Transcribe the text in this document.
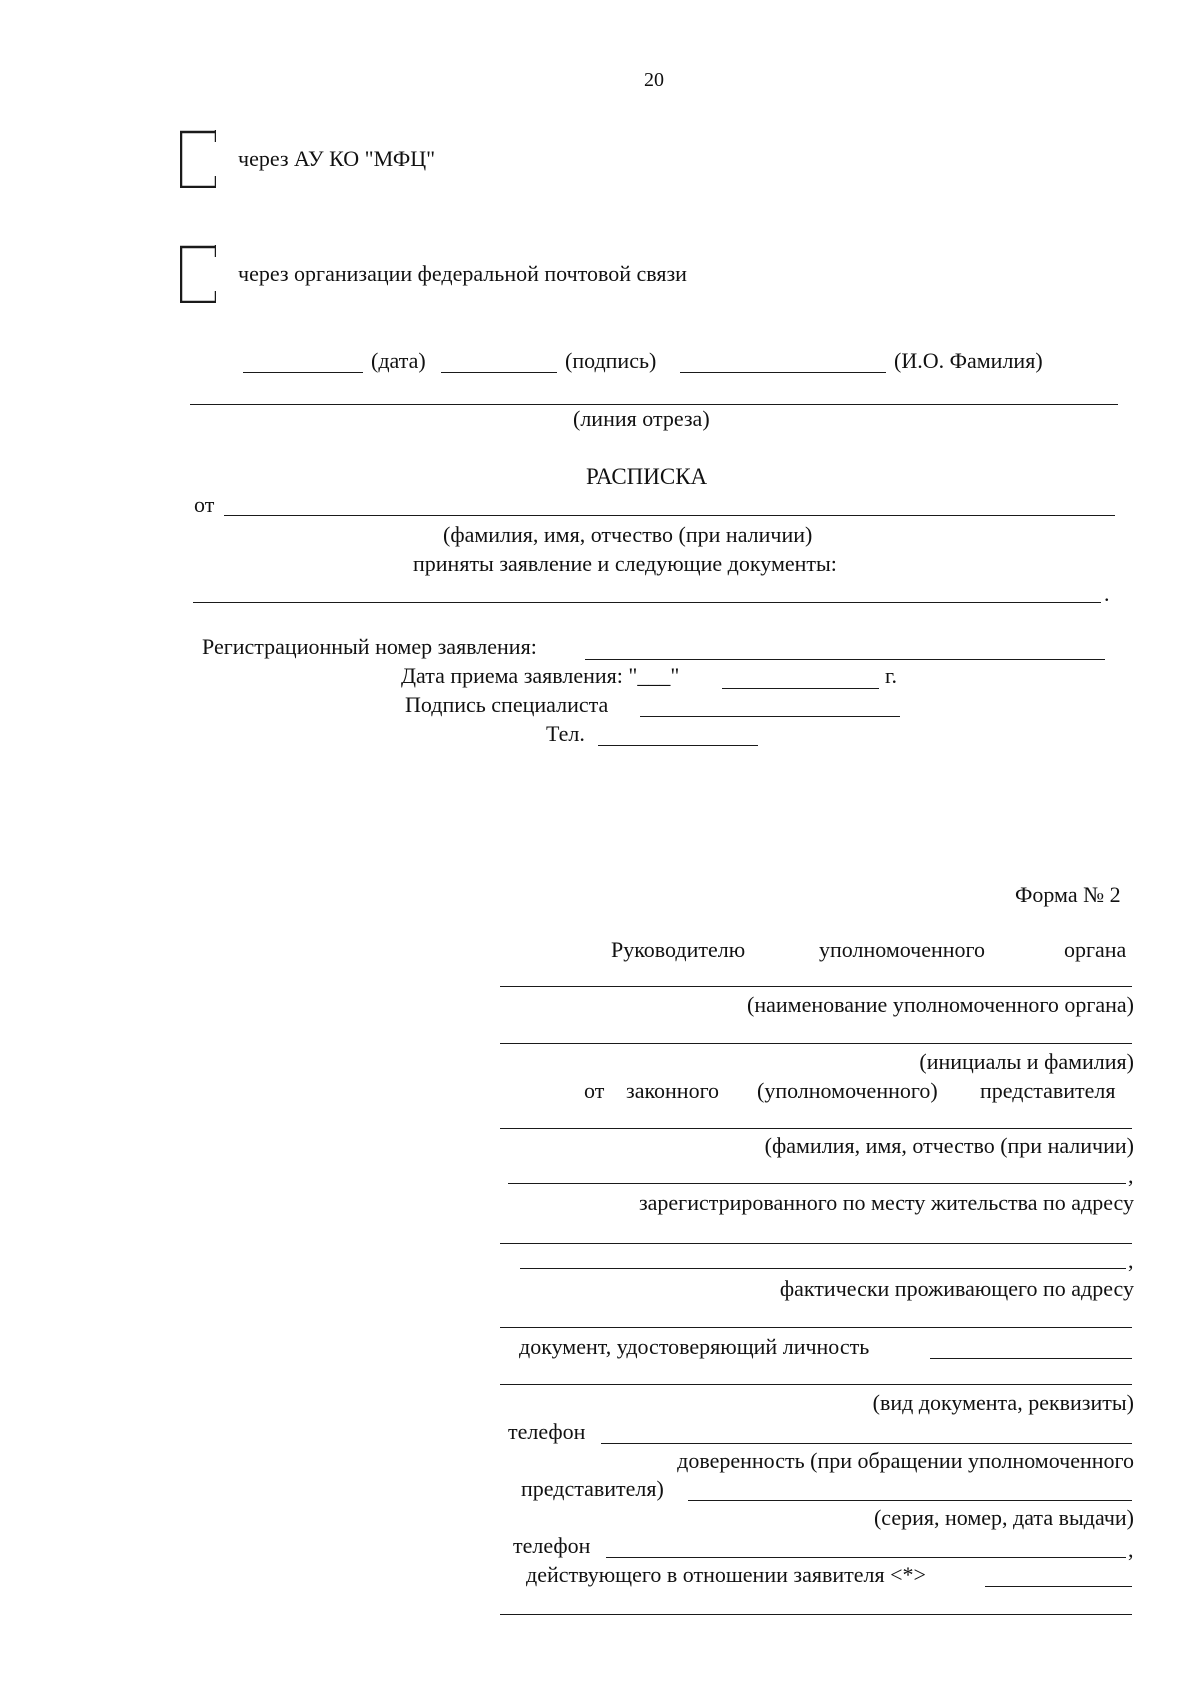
20
через АУ КО "МФЦ"
через организации федеральной почтовой связи
(дата)	(подпись)	(И.О. Фамилия)
(линия отреза)
РАСПИСКА
от
(фамилия, имя, отчество (при наличии)
приняты заявление и следующие документы:
.
Регистрационный номер заявления:
Дата приема заявления: "___"	г.
Подпись специалиста
Тел.
Форма № 2
Руководителю	уполномоченного	органа
(наименование уполномоченного органа)
(инициалы и фамилия)
от законного (уполномоченного) представителя
(фамилия, имя, отчество (при наличии)
,
зарегистрированного по месту жительства по адресу
,
фактически проживающего по адресу
документ, удостоверяющий личность
(вид документа, реквизиты)
телефон
доверенность (при обращении уполномоченного
представителя)
(серия, номер, дата выдачи)
телефон	,
действующего в отношении заявителя <*>
